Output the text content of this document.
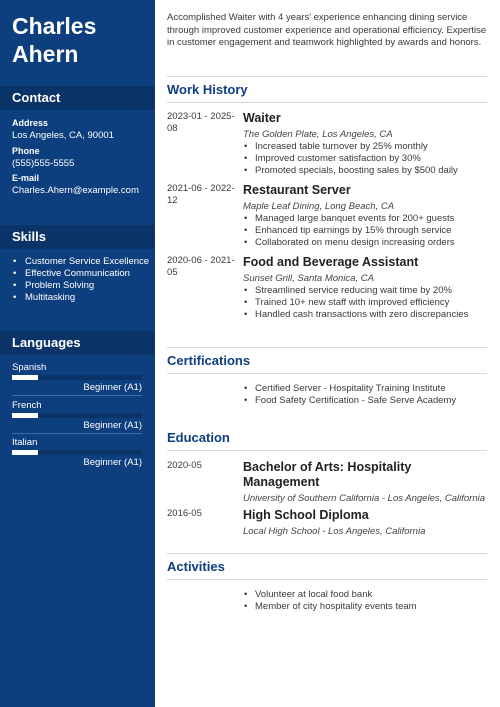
Charles
Ahern
Contact
Address
Los Angeles, CA, 90001
Phone
(555)555-5555
E-mail
Charles.Ahern@example.com
Skills
• Customer Service Excellence
• Effective Communication
• Problem Solving
• Multitasking
Languages
Spanish
Beginner (A1)
French
Beginner (A1)
Italian
Beginner (A1)
Accomplished Waiter with 4 years' experience enhancing dining service through improved customer experience and operational efficiency. Expertise in customer engagement and teamwork highlighted by awards and honors.
Work History
2023-01 - 2025-08
Waiter
The Golden Plate, Los Angeles, CA
• Increased table turnover by 25% monthly
• Improved customer satisfaction by 30%
• Promoted specials, boosting sales by $500 daily
2021-06 - 2022-12
Restaurant Server
Maple Leaf Dining, Long Beach, CA
• Managed large banquet events for 200+ guests
• Enhanced tip earnings by 15% through service
• Collaborated on menu design increasing orders
2020-06 - 2021-05
Food and Beverage Assistant
Sunset Grill, Santa Monica, CA
• Streamlined service reducing wait time by 20%
• Trained 10+ new staff with improved efficiency
• Handled cash transactions with zero discrepancies
Certifications
• Certified Server - Hospitality Training Institute
• Food Safety Certification - Safe Serve Academy
Education
2020-05	Bachelor of Arts: Hospitality Management
University of Southern California - Los Angeles, California
2016-05	High School Diploma
Local High School - Los Angeles, California
Activities
• Volunteer at local food bank
• Member of city hospitality events team
